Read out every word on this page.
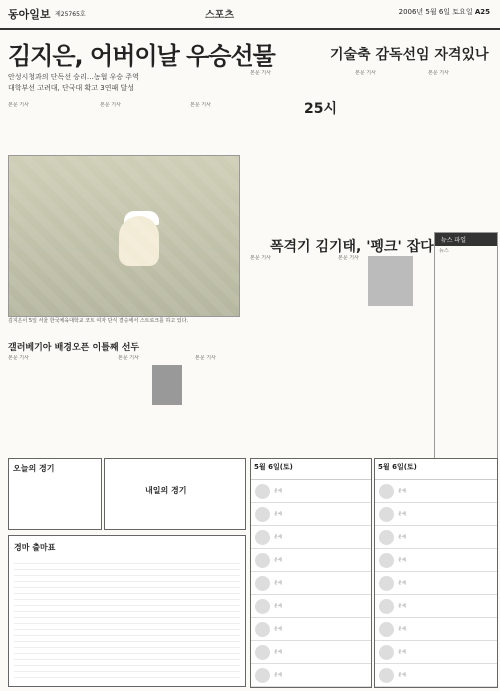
동아일보 제25765호	스포츠	2006년 5월 6일 토요일 A25
김지은, 어버이날 우승선물
안성시청과의 단독선 승리…농협 우승 주역
대학부선 고려대, 단국대 확고 3연패 달성
본문 기사	본문 기사	본문 기사
김지은이 5일 서울 한국체육대학교 코트 여자 단식 결승에서 스트로크를 하고 있다.
기술축 감독선임 자격있나
25시
본문 기사	본문 기사	본문 기사
폭격기 김기태, '펭크' 잡다
본문 기사	본문 기사
뉴스 파일
뉴스
갤러베기아 배경오픈 이틀째 선두
본문 기사	본문 기사	본문 기사
오늘의 경기
내일의 경기
경마 출마표
5월 6일(토)
운세
운세
운세
운세
운세
운세
운세
운세
운세
5월 6일(토)
운세
운세
운세
운세
운세
운세
운세
운세
운세
